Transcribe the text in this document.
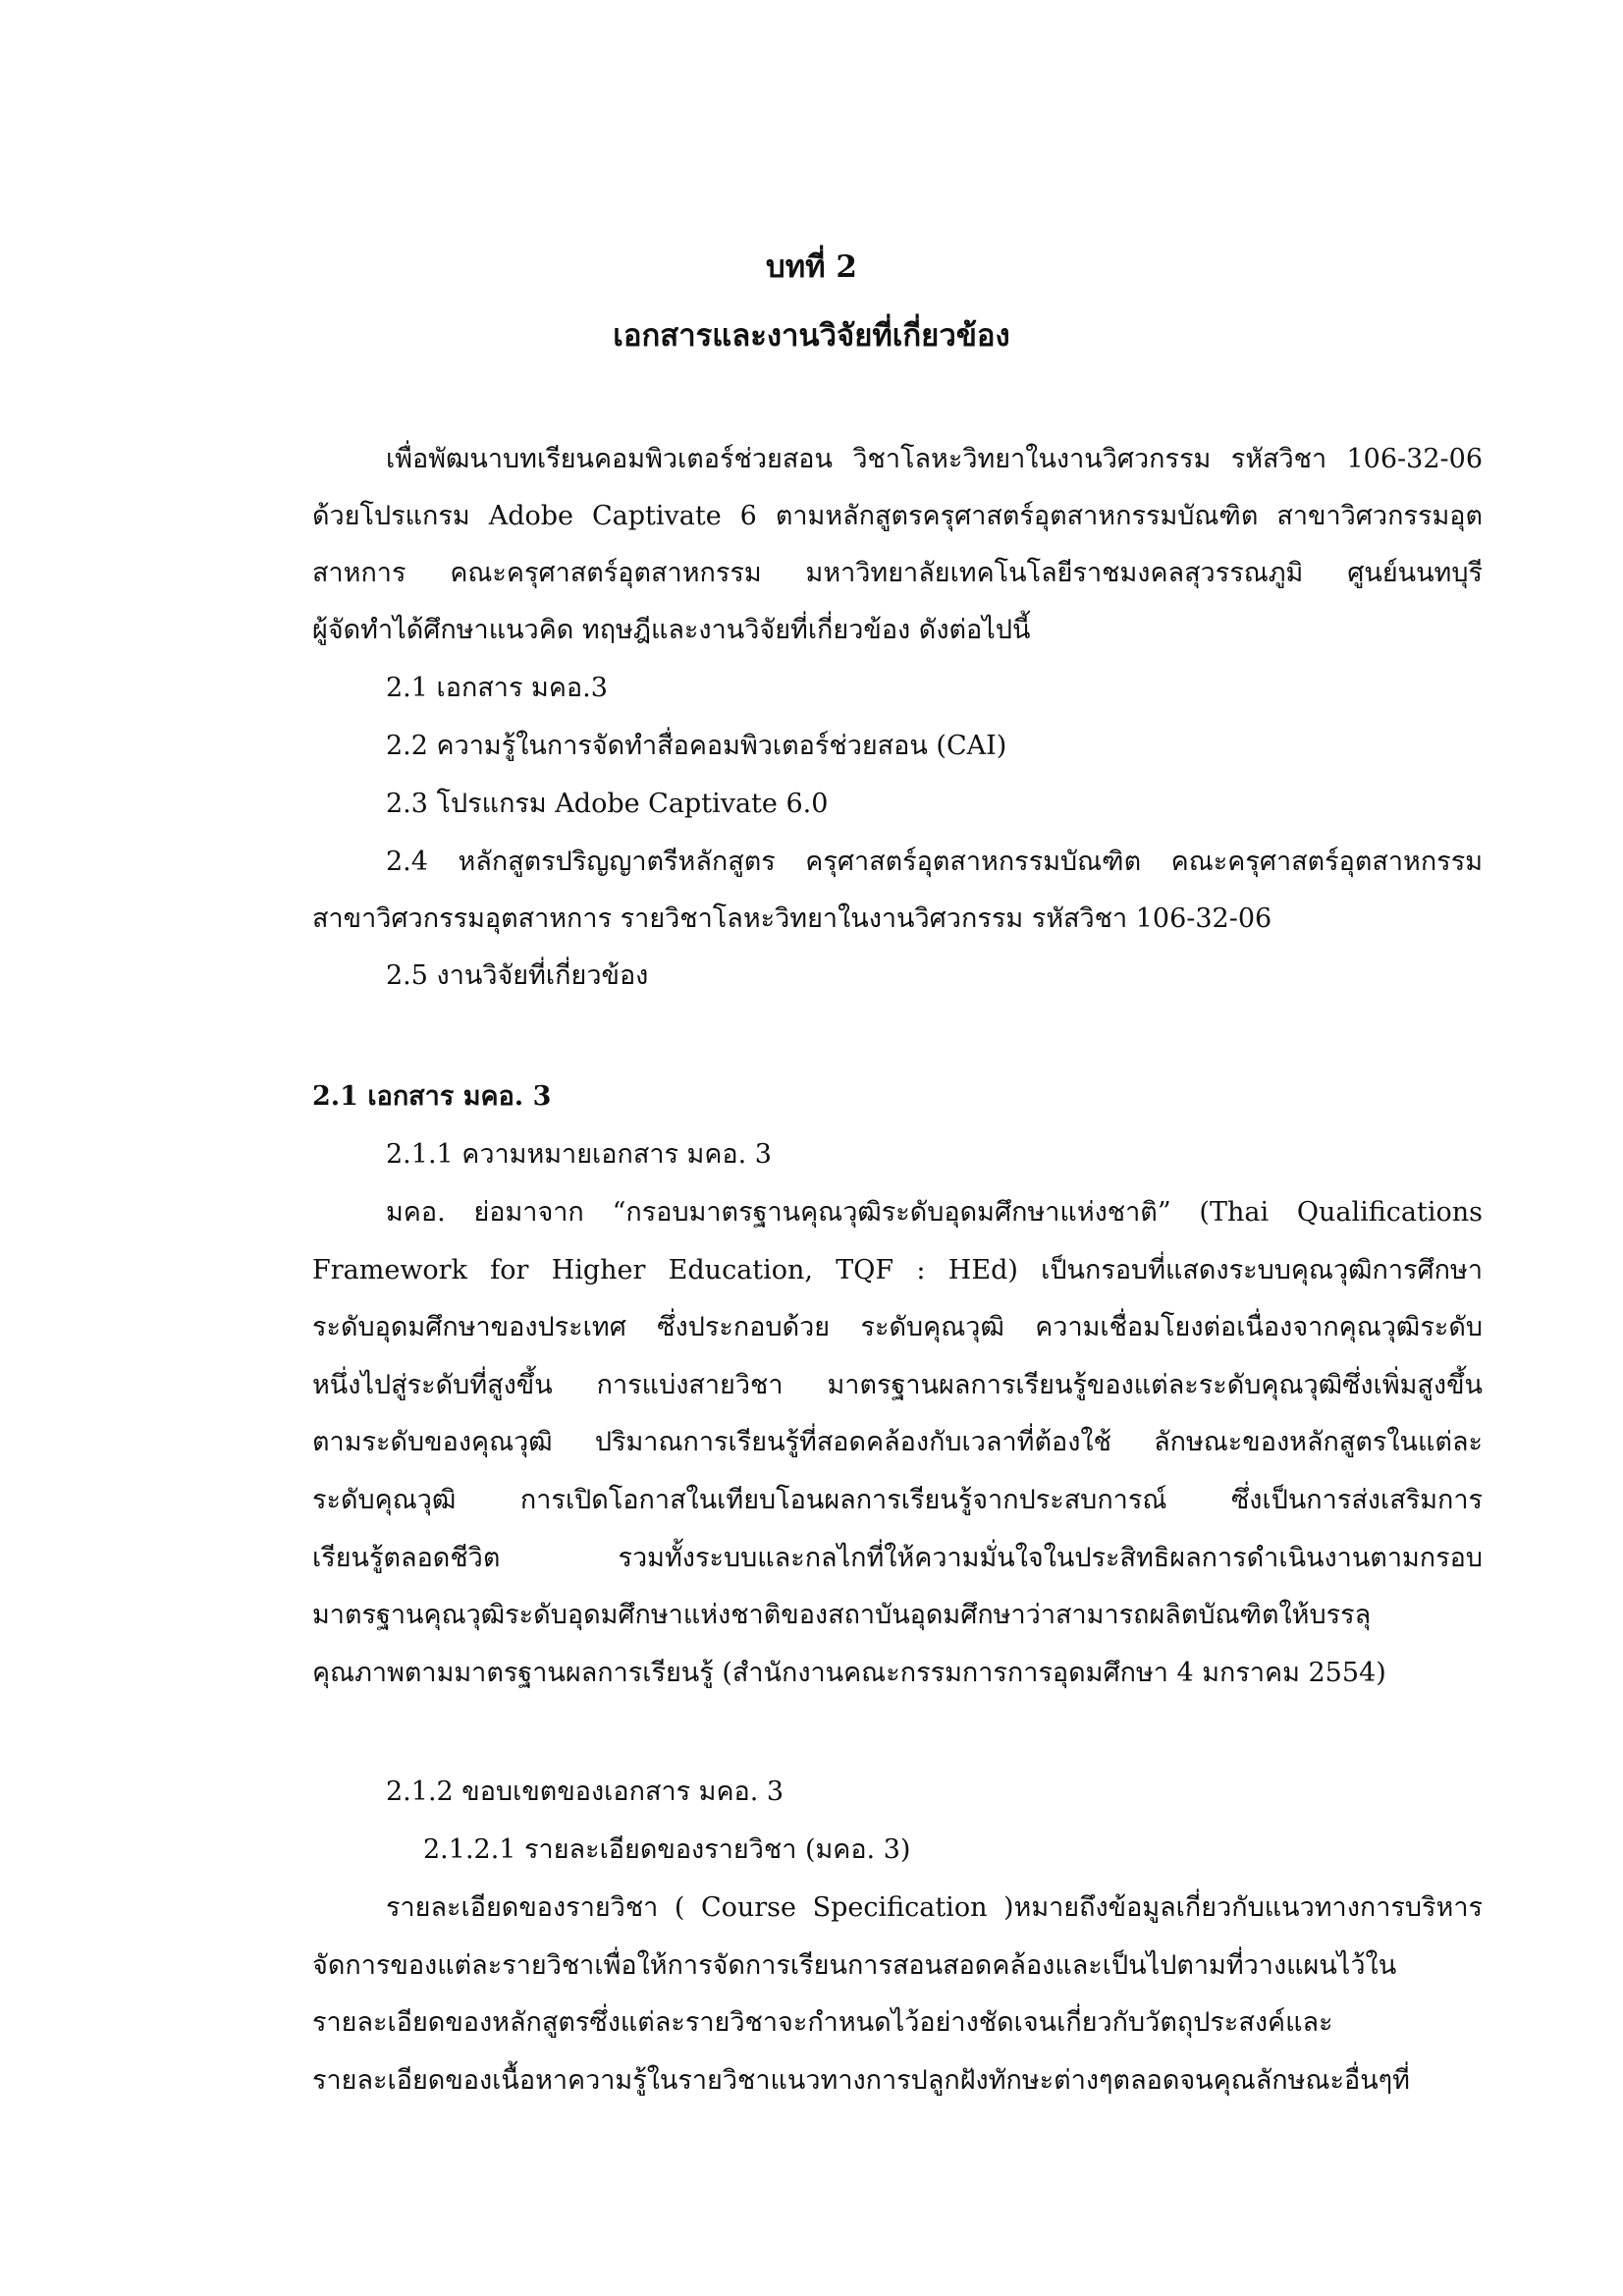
บทที่ 2
เอกสารและงานวิจัยที่เกี่ยวข้อง
เพื่อพัฒนาบทเรียนคอมพิวเตอร์ช่วยสอน วิชาโลหะวิทยาในงานวิศวกรรม รหัสวิชา 106-32-06
ด้วยโปรแกรม Adobe Captivate 6 ตามหลักสูตรครุศาสตร์อุตสาหกรรมบัณฑิต สาขาวิศวกรรมอุต
สาหการ คณะครุศาสตร์อุตสาหกรรม มหาวิทยาลัยเทคโนโลยีราชมงคลสุวรรณภูมิ ศูนย์นนทบุรี
ผู้จัดทำได้ศึกษาแนวคิด ทฤษฎีและงานวิจัยที่เกี่ยวข้อง ดังต่อไปนี้
2.1 เอกสาร มคอ.3
2.2 ความรู้ในการจัดทำสื่อคอมพิวเตอร์ช่วยสอน (CAI)
2.3 โปรแกรม Adobe Captivate 6.0
2.4 หลักสูตรปริญญาตรีหลักสูตร ครุศาสตร์อุตสาหกรรมบัณฑิต คณะครุศาสตร์อุตสาหกรรม
สาขาวิศวกรรมอุตสาหการ รายวิชาโลหะวิทยาในงานวิศวกรรม รหัสวิชา 106-32-06
2.5 งานวิจัยที่เกี่ยวข้อง
2.1 เอกสาร มคอ. 3
2.1.1 ความหมายเอกสาร มคอ. 3
มคอ. ย่อมาจาก “กรอบมาตรฐานคุณวุฒิระดับอุดมศึกษาแห่งชาติ” (Thai Qualifications
Framework for Higher Education, TQF : HEd) เป็นกรอบที่แสดงระบบคุณวุฒิการศึกษา
ระดับอุดมศึกษาของประเทศ ซึ่งประกอบด้วย ระดับคุณวุฒิ ความเชื่อมโยงต่อเนื่องจากคุณวุฒิระดับ
หนึ่งไปสู่ระดับที่สูงขึ้น การแบ่งสายวิชา มาตรฐานผลการเรียนรู้ของแต่ละระดับคุณวุฒิซึ่งเพิ่มสูงขึ้น
ตามระดับของคุณวุฒิ ปริมาณการเรียนรู้ที่สอดคล้องกับเวลาที่ต้องใช้ ลักษณะของหลักสูตรในแต่ละ
ระดับคุณวุฒิ การเปิดโอกาสในเทียบโอนผลการเรียนรู้จากประสบการณ์ ซึ่งเป็นการส่งเสริมการ
เรียนรู้ตลอดชีวิต รวมทั้งระบบและกลไกที่ให้ความมั่นใจในประสิทธิผลการดำเนินงานตามกรอบ
มาตรฐานคุณวุฒิระดับอุดมศึกษาแห่งชาติของสถาบันอุดมศึกษาว่าสามารถผลิตบัณฑิตให้บรรลุ
คุณภาพตามมาตรฐานผลการเรียนรู้ (สำนักงานคณะกรรมการการอุดมศึกษา 4 มกราคม 2554)
2.1.2 ขอบเขตของเอกสาร มคอ. 3
2.1.2.1 รายละเอียดของรายวิชา (มคอ. 3)
รายละเอียดของรายวิชา ( Course Specification )หมายถึงข้อมูลเกี่ยวกับแนวทางการบริหาร
จัดการของแต่ละรายวิชาเพื่อให้การจัดการเรียนการสอนสอดคล้องและเป็นไปตามที่วางแผนไว้ใน
รายละเอียดของหลักสูตรซึ่งแต่ละรายวิชาจะกำหนดไว้อย่างชัดเจนเกี่ยวกับวัตถุประสงค์และ
รายละเอียดของเนื้อหาความรู้ในรายวิชาแนวทางการปลูกฝังทักษะต่างๆตลอดจนคุณลักษณะอื่นๆที่
